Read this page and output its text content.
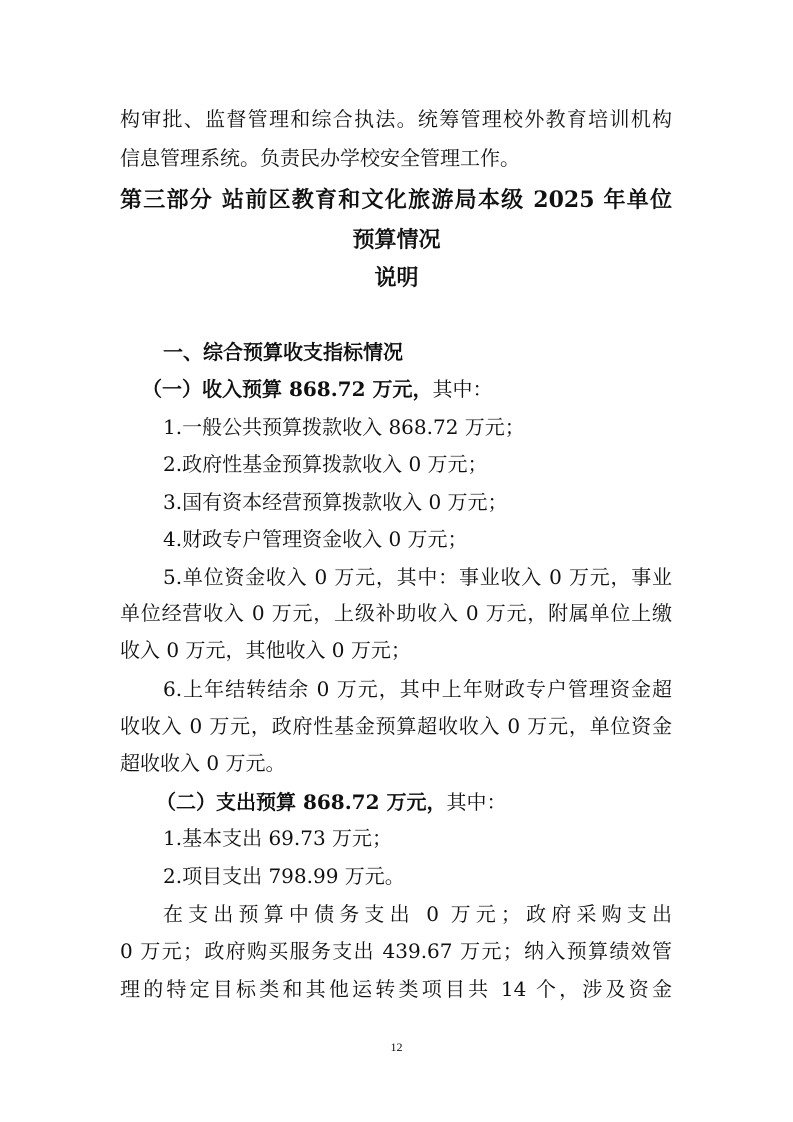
构审批、监督管理和综合执法。统筹管理校外教育培训机构
信息管理系统。负责民办学校安全管理工作。
第三部分 站前区教育和文化旅游局本级 2025 年单位
预算情况
说明
一、综合预算收支指标情况
（一）收入预算 868.72 万元，其中：
1.一般公共预算拨款收入 868.72 万元；
2.政府性基金预算拨款收入 0 万元；
3.国有资本经营预算拨款收入 0 万元；
4.财政专户管理资金收入 0 万元；
5.单位资金收入 0 万元，其中：事业收入 0 万元，事业
单位经营收入 0 万元，上级补助收入 0 万元，附属单位上缴
收入 0 万元，其他收入 0 万元；
6.上年结转结余 0 万元，其中上年财政专户管理资金超
收收入 0 万元，政府性基金预算超收收入 0 万元，单位资金
超收收入 0 万元。
（二）支出预算 868.72 万元，其中：
1.基本支出 69.73 万元；
2.项目支出 798.99 万元。
在支出预算中债务支出 0 万元；政府采购支出
0 万元；政府购买服务支出 439.67 万元；纳入预算绩效管
理的特定目标类和其他运转类项目共 14 个，涉及资金
12
